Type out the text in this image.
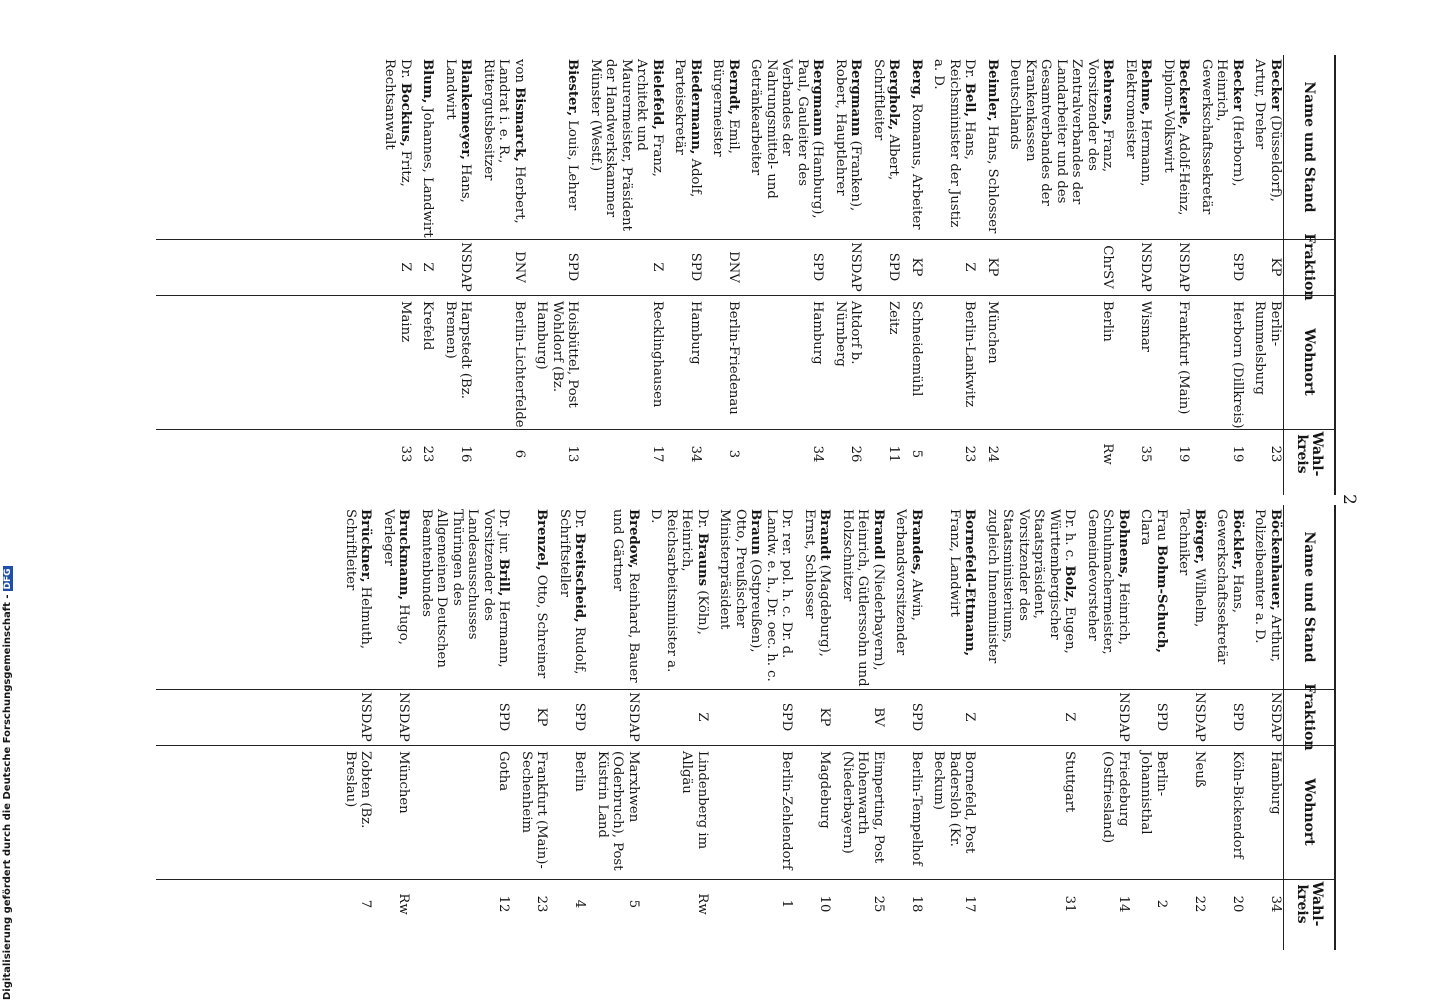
2
Name und Stand
Fraktion
Wohnort
Wahl-
kreis
Becker (Düsseldorf), Artur, Dreher
KP
Berlin-Rummelsburg
23
Becker (Herborn), Heinrich, Gewerkschaftssekretär
SPD
Herborn (Dillkreis)
19
Beckerle, Adolf-Heinz, Diplom-Volkswirt
NSDAP
Frankfurt (Main)
19
Behme, Hermann, Elektromeister
NSDAP
Wismar
35
Behrens, Franz, Vorsitzender des Zentralverbandes der Landarbeiter und des Gesamtverbandes der Krankenkassen Deutschlands
ChrSV
Berlin
Rw
Beimler, Hans, Schlosser
KP
München
24
Dr. Bell, Hans, Reichsminister der Justiz a. D.
Z
Berlin-Lankwitz
23
Berg, Romanus, Arbeiter
KP
Schneidemühl
5
Bergholz, Albert, Schriftleiter
SPD
Zeitz
11
Bergmann (Franken), Robert, Hauptlehrer
NSDAP
Altdorf b. Nürnberg
26
Bergmann (Hamburg), Paul, Gauleiter des Verbandes der Nahrungsmittel- und Getränkearbeiter
SPD
Hamburg
34
Berndt, Emil, Bürgermeister
DNV
Berlin-Friedenau
3
Biedermann, Adolf, Parteisekretär
SPD
Hamburg
34
Bielefeld, Franz, Architekt und Maurermeister, Präsident der Handwerkskammer Münster (Westf.)
Z
Recklinghausen
17
Biester, Louis, Lehrer
SPD
Hoisbüttel, Post Wohldorf (Bz. Hamburg)
13
von Bismarck, Herbert, Landrat i. e. R., Rittergutsbesitzer
DNV
Berlin-Lichterfelde
6
Blankemeyer, Hans, Landwirt
NSDAP
Harpstedt (Bz. Bremen)
16
Blum, Johannes, Landwirt
Z
Krefeld
23
Dr. Bockius, Fritz, Rechtsanwalt
Z
Mainz
33
Name und Stand
Fraktion
Wohnort
Wahl-
kreis
Böckenhauer, Arthur, Polizeibeamter a. D.
NSDAP
Hamburg
34
Böckler, Hans, Gewerkschaftssekretär
SPD
Köln-Bickendorf
20
Börger, Wilhelm, Techniker
NSDAP
Neuß
22
Frau Bohm-Schuch, Clara
SPD
Berlin-Johannisthal
2
Bohnens, Heinrich, Schuhmachermeister, Gemeindevorsteher
NSDAP
Friedeburg (Ostfriesland)
14
Dr. h. c. Bolz, Eugen, Württembergischer Staatspräsident, Vorsitzender des Staatsministeriums, zugleich Innenminister
Z
Stuttgart
31
Bornefeld-Ettmann, Franz, Landwirt
Z
Bornefeld, Post Badersloh (Kr. Beckum)
17
Brandes, Alwin, Verbandsvorsitzender
SPD
Berlin-Tempelhof
18
Brandl (Niederbayern), Heinrich, Gütlerssohn und Holzschnitzer
BV
Eimperting, Post Hohenwarth (Niederbayern)
25
Brandt (Magdeburg), Ernst, Schlosser
KP
Magdeburg
10
Dr. rer. pol. h. c. Dr. d. Landw. e. h., Dr. oec. h. c. Braun (Ostpreußen), Otto, Preußischer Ministerpräsident
SPD
Berlin-Zehlendorf
1
Dr. Brauns (Köln), Heinrich, Reichsarbeitsminister a. D.
Z
Lindenberg im Allgäu
Rw
Bredow, Reinhard, Bauer und Gärtner
NSDAP
Marxhwen (Oderbruch), Post Küstrin Land
5
Dr. Breitscheid, Rudolf, Schriftsteller
SPD
Berlin
4
Brenzel, Otto, Schreiner
KP
Frankfurt (Main)-Sechenheim
23
Dr. jur. Brill, Hermann, Vorsitzender des Landesausschusses Thüringen des Allgemeinen Deutschen Beamtenbundes
SPD
Gotha
12
Bruckmann, Hugo, Verleger
NSDAP
München
Rw
Brückner, Helmuth, Schriftleiter
NSDAP
Zobten (Bz. Breslau)
7
Digitalisierung gefördert durch die Deutsche Forschungsgemeinschaft -DFG
